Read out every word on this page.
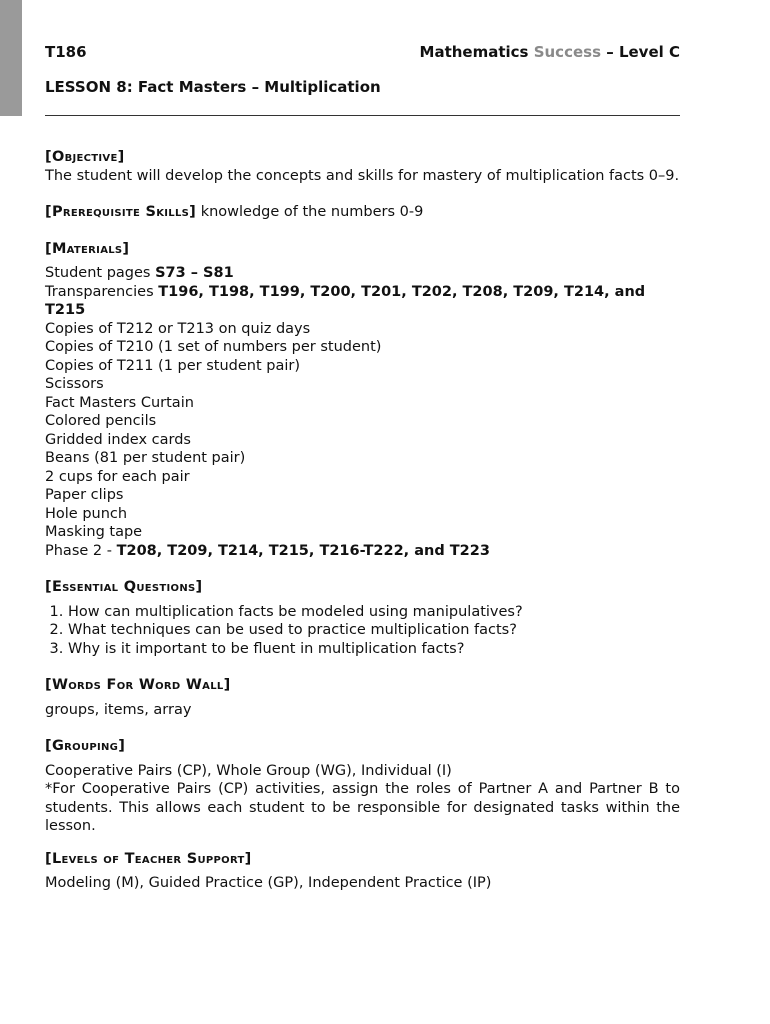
T186	Mathematics Success – Level C
LESSON 8: Fact Masters – Multiplication

[Objective]

The student will develop the concepts and skills for mastery of multiplication facts 0–9.

[Prerequisite Skills] knowledge of the numbers 0-9

[Materials]

Student pages S73 – S81

Transparencies T196, T198, T199, T200, T201, T202, T208, T209, T214, and T215

Copies of T212 or T213 on quiz days

Copies of T210 (1 set of numbers per student)

Copies of T211 (1 per student pair)

Scissors

Fact Masters Curtain

Colored pencils

Gridded index cards

Beans (81 per student pair)

2 cups for each pair

Paper clips

Hole punch

Masking tape

Phase 2 - T208, T209, T214, T215, T216-T222, and T223

[Essential Questions]

1. How can multiplication facts be modeled using manipulatives?
2. What techniques can be used to practice multiplication facts?
3. Why is it important to be fluent in multiplication facts?

[Words For Word Wall]

groups, items, array

[Grouping]

Cooperative Pairs (CP), Whole Group (WG), Individual (I)

*For Cooperative Pairs (CP) activities, assign the roles of Partner A and Partner B to students. This allows each student to be responsible for designated tasks within the lesson.

[Levels of Teacher Support]

Modeling (M), Guided Practice (GP), Independent Practice (IP)
